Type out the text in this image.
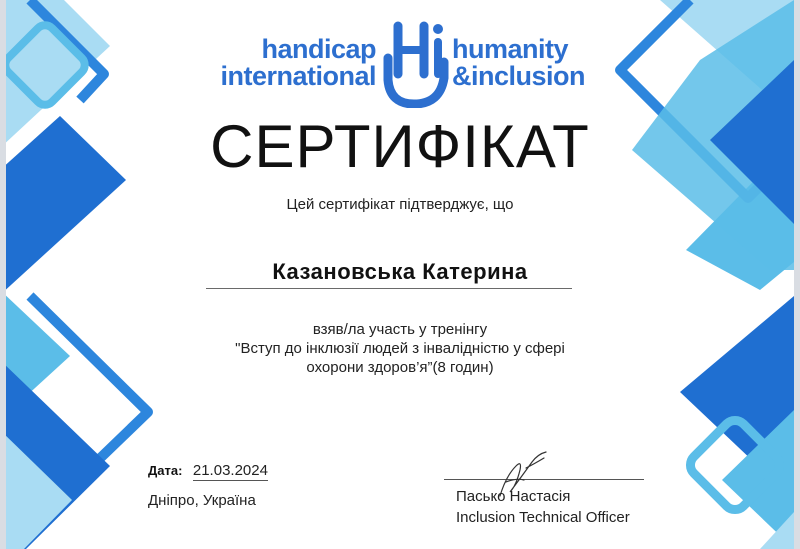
handicap
international
humanity
&inclusion
СЕРТИФІКАТ
Цей сертифікат підтверджує, що
Казановська Катерина
взяв/ла участь у тренінгу
"Вступ до інклюзії людей з інвалідністю у сфері
охорони здоров’я”(8 годин)
Дата: 21.03.2024
Дніпро, Україна	Пасько Настасія
Inclusion Technical Officer
